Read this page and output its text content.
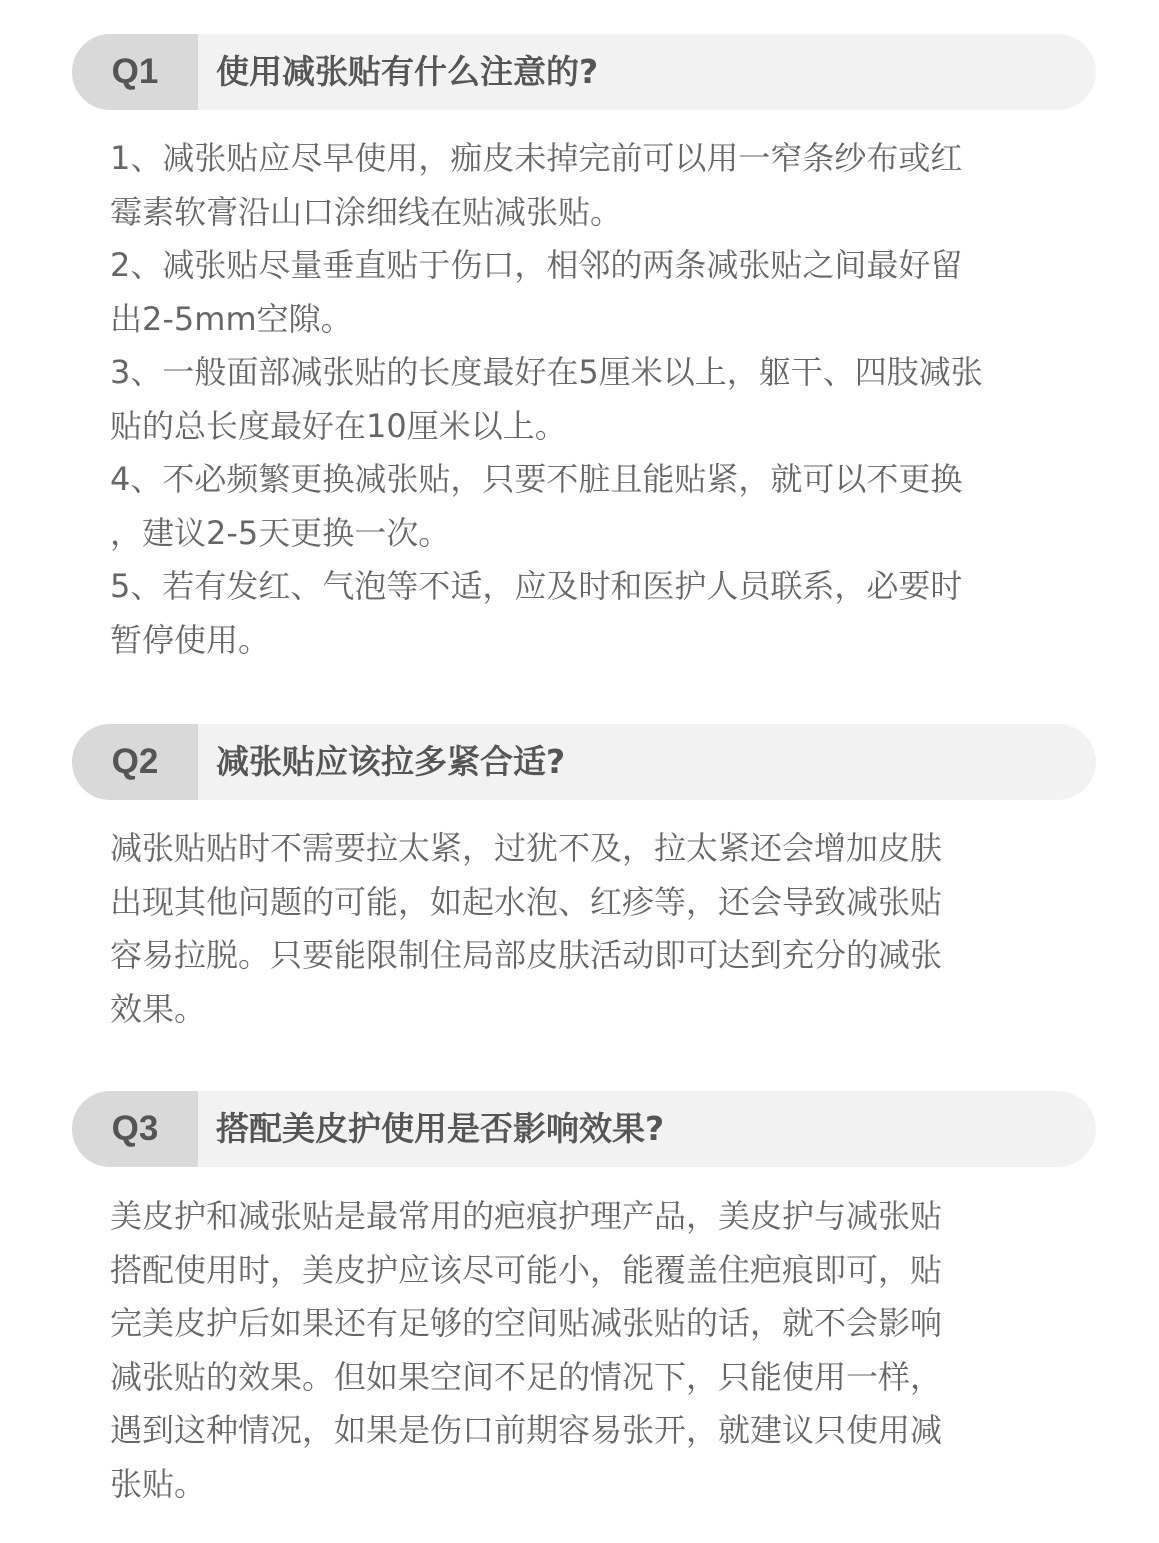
Q1	使用减张贴有什么注意的?

1、减张贴应尽早使用，痂皮未掉完前可以用一窄条纱布或红

霉素软膏沿山口涂细线在贴减张贴。

2、减张贴尽量垂直贴于伤口，相邻的两条减张贴之间最好留

出2-5mm空隙。

3、一般面部减张贴的长度最好在5厘米以上，躯干、四肢减张

贴的总长度最好在10厘米以上。

4、不必频繁更换减张贴，只要不脏且能贴紧，就可以不更换

，建议2-5天更换一次。

5、若有发红、气泡等不适，应及时和医护人员联系，必要时

暂停使用。

Q2	减张贴应该拉多紧合适?

减张贴贴时不需要拉太紧，过犹不及，拉太紧还会增加皮肤

出现其他问题的可能，如起水泡、红疹等，还会导致减张贴

容易拉脱。只要能限制住局部皮肤活动即可达到充分的减张

效果。

Q3	搭配美皮护使用是否影响效果?

美皮护和减张贴是最常用的疤痕护理产品，美皮护与减张贴

搭配使用时，美皮护应该尽可能小，能覆盖住疤痕即可，贴

完美皮护后如果还有足够的空间贴减张贴的话，就不会影响

减张贴的效果。但如果空间不足的情况下，只能使用一样，

遇到这种情况，如果是伤口前期容易张开，就建议只使用减

张贴。
